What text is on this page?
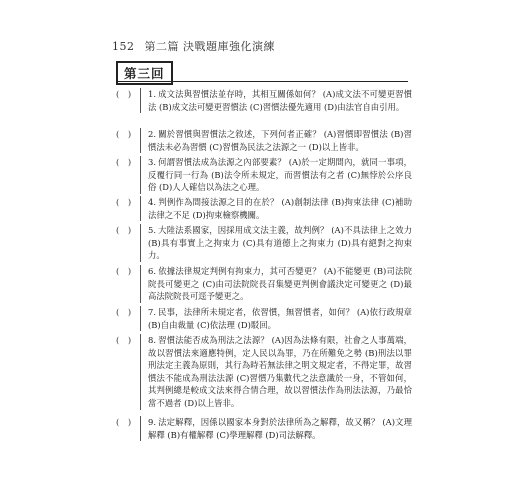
152 第二篇 決戰題庫強化演練
第三回
( ) 1. 成文法與習慣法並存時，其相互關係如何？ (A)成文法不可變更習慣法 (B)成文法可變更習慣法 (C)習慣法優先適用 (D)由法官自由引用。
( ) 2. 關於習慣與習慣法之敘述，下列何者正確？ (A)習慣即習慣法 (B)習慣法未必為習慣 (C)習慣為民法之法源之一 (D)以上皆非。
( ) 3. 何謂習慣法成為法源之內部要素？ (A)於一定期間內，就同一事項，反覆行同一行為 (B)法令所未規定，而習慣法有之者 (C)無悖於公序良俗 (D)人人確信以為法之心理。
( ) 4. 判例作為間接法源之目的在於？ (A)創制法律 (B)拘束法律 (C)補助法律之不足 (D)拘束檢察機關。
( ) 5. 大陸法系國家，因採用成文法主義，故判例？ (A)不具法律上之效力 (B)具有事實上之拘束力 (C)具有道德上之拘束力 (D)具有絕對之拘束力。
( ) 6. 依據法律規定判例有拘束力，其可否變更？ (A)不能變更 (B)司法院院長可變更之 (C)由司法院院長召集變更判例會議決定可變更之 (D)最高法院院長可逕予變更之。
( ) 7. 民事，法律所未規定者，依習慣，無習慣者，如何？ (A)依行政規章 (B)自由裁量 (C)依法理 (D)駁回。
( ) 8. 習慣法能否成為刑法之法源？ (A)因為法條有限，社會之人事萬端，故以習慣法來適應特例，定人民以為罪，乃在所難免之勢 (B)刑法以罪刑法定主義為原則，其行為時若無法律之明文規定者，不得定罪，故習慣法不能成為刑法法源 (C)習慣乃集數代之法意識於一身，不管如何，其判例總是較成文法來得合情合理，故以習慣法作為刑法法源，乃最恰當不過者 (D)以上皆非。
( ) 9. 法定解釋，因係以國家本身對於法律所為之解釋，故又稱？ (A)文理解釋 (B)有權解釋 (C)學理解釋 (D)司法解釋。
